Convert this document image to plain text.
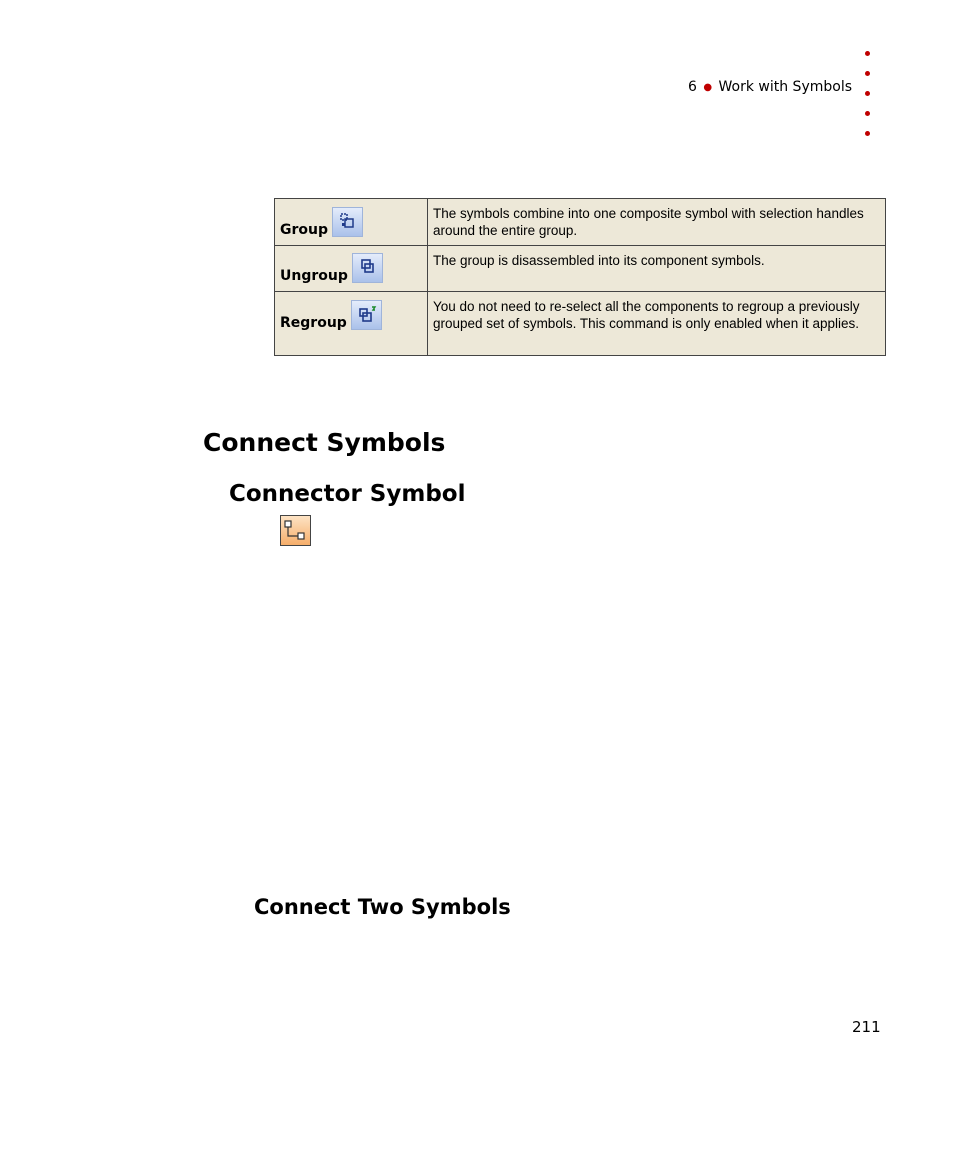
6 ● Work with Symbols
Group	The symbols combine into one composite symbol with selection handles around the entire group.

Ungroup	The group is disassembled into its component symbols.

Regroup	You do not need to re-select all the components to regroup a previously grouped set of symbols. This command is only enabled when it applies.
Connect Symbols
Connector Symbol
Connect Two Symbols
211
